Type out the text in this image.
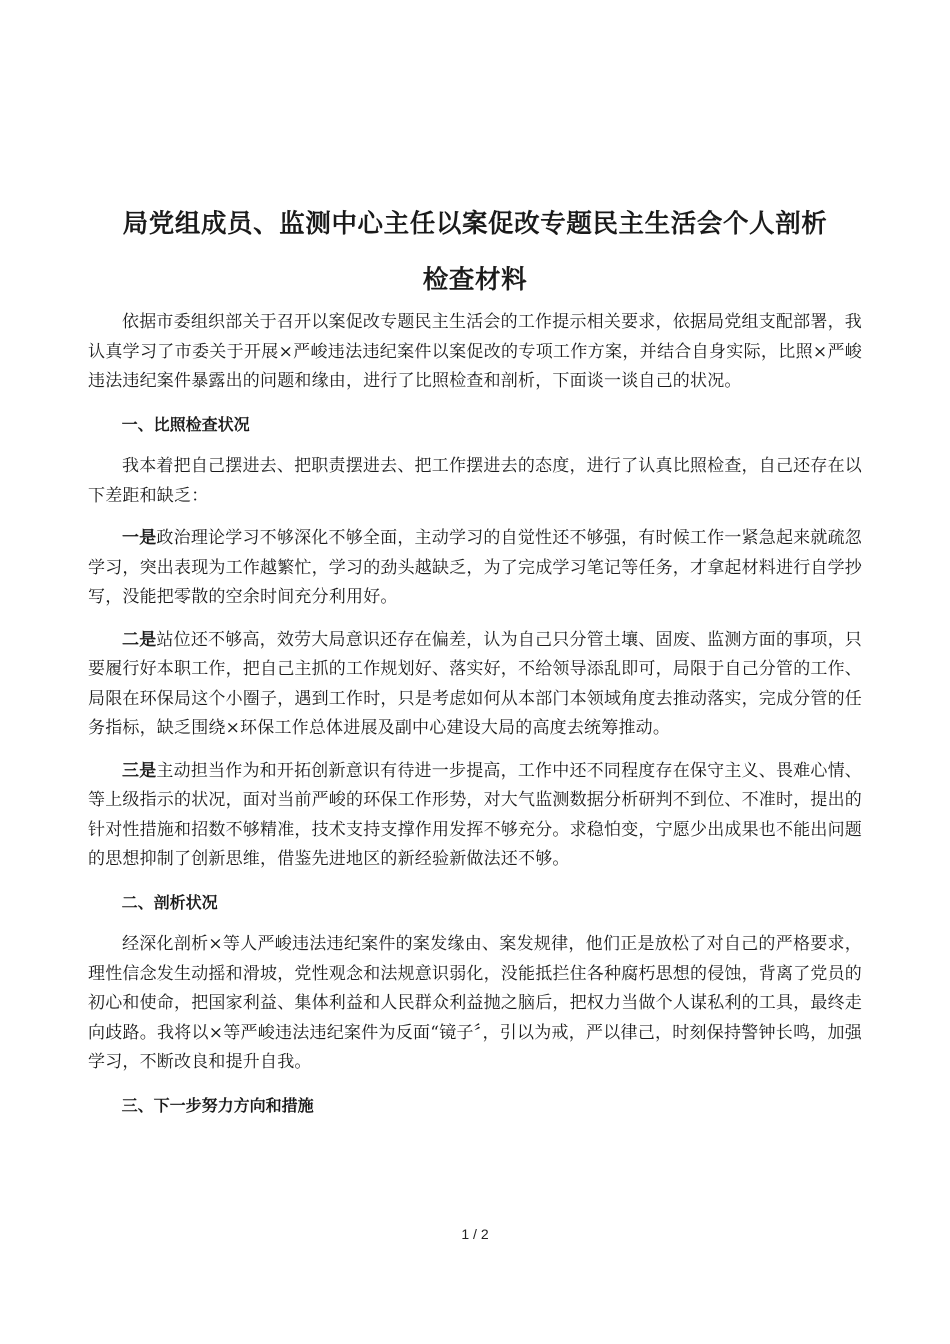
局党组成员、监测中心主任以案促改专题民主生活会个人剖析
检查材料

依据市委组织部关于召开以案促改专题民主生活会的工作提示相关要求，依据局党组支配部署，我认真学习了市委关于开展×严峻违法违纪案件以案促改的专项工作方案，并结合自身实际，比照×严峻违法违纪案件暴露出的问题和缘由，进行了比照检查和剖析，下面谈一谈自己的状况。

一、比照检查状况

我本着把自己摆进去、把职责摆进去、把工作摆进去的态度，进行了认真比照检查，自己还存在以下差距和缺乏：

一是政治理论学习不够深化不够全面，主动学习的自觉性还不够强，有时候工作一紧急起来就疏忽学习，突出表现为工作越繁忙，学习的劲头越缺乏，为了完成学习笔记等任务，才拿起材料进行自学抄写，没能把零散的空余时间充分利用好。

二是站位还不够高，效劳大局意识还存在偏差，认为自己只分管土壤、固废、监测方面的事项，只要履行好本职工作，把自己主抓的工作规划好、落实好，不给领导添乱即可，局限于自己分管的工作、局限在环保局这个小圈子，遇到工作时，只是考虑如何从本部门本领域角度去推动落实，完成分管的任务指标，缺乏围绕×环保工作总体进展及副中心建设大局的高度去统筹推动。

三是主动担当作为和开拓创新意识有待进一步提高，工作中还不同程度存在保守主义、畏难心情、等上级指示的状况，面对当前严峻的环保工作形势，对大气监测数据分析研判不到位、不准时，提出的针对性措施和招数不够精准，技术支持支撑作用发挥不够充分。求稳怕变，宁愿少出成果也不能出问题的思想抑制了创新思维，借鉴先进地区的新经验新做法还不够。

二、剖析状况

经深化剖析×等人严峻违法违纪案件的案发缘由、案发规律，他们正是放松了对自己的严格要求，理性信念发生动摇和滑坡，党性观念和法规意识弱化，没能抵拦住各种腐朽思想的侵蚀，背离了党员的初心和使命，把国家利益、集体利益和人民群众利益抛之脑后，把权力当做个人谋私利的工具，最终走向歧路。我将以×等严峻违法违纪案件为反面“镜子〞，引以为戒，严以律己，时刻保持警钟长鸣，加强学习，不断改良和提升自我。

三、下一步努力方向和措施
1 / 2
